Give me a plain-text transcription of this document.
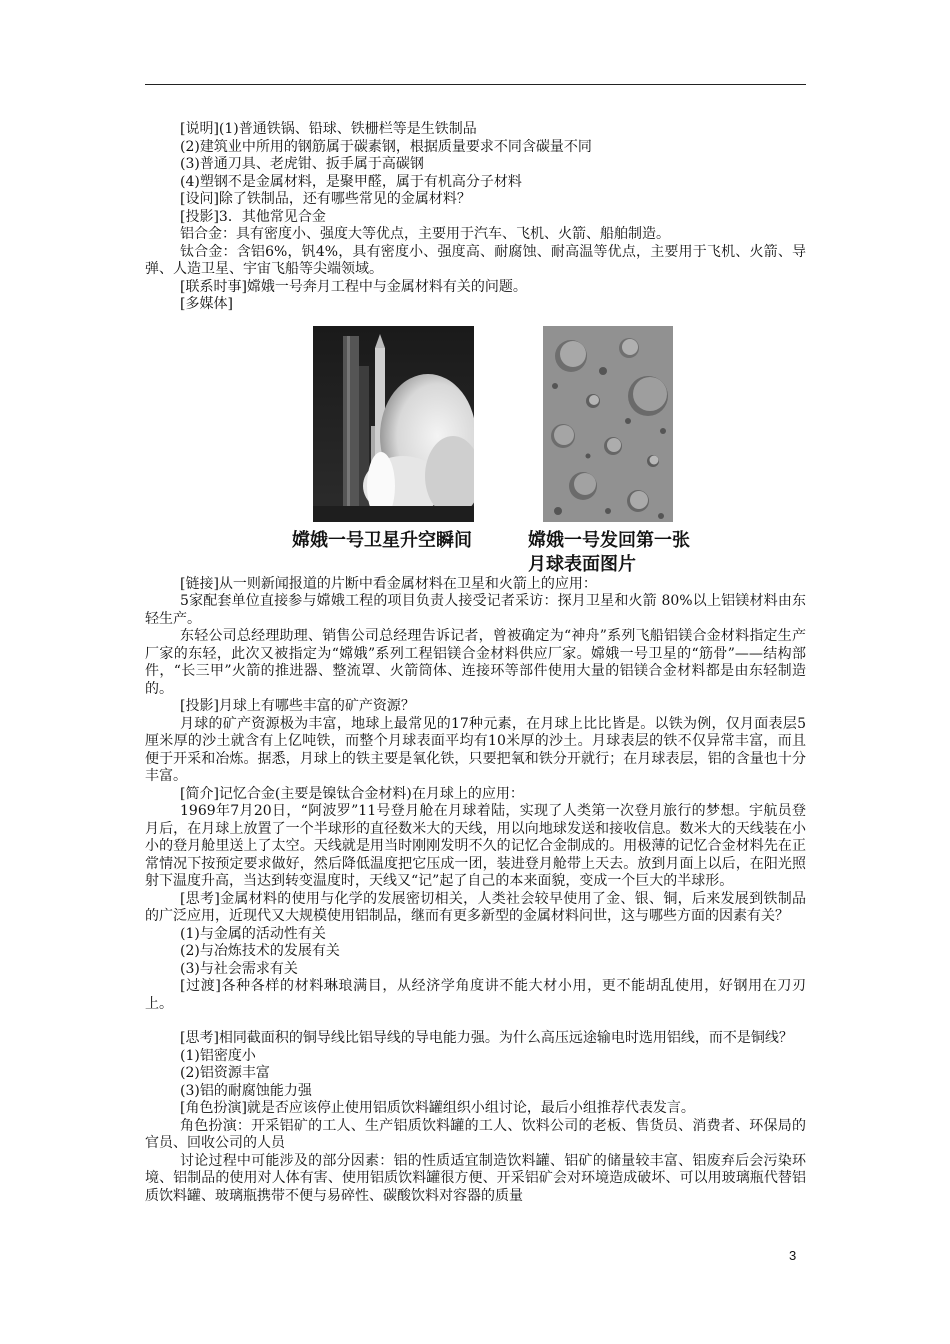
[说明](1)普通铁锅、铅球、铁栅栏等是生铁制品

(2)建筑业中所用的钢筋属于碳素钢，根据质量要求不同含碳量不同

(3)普通刀具、老虎钳、扳手属于高碳钢

(4)塑钢不是金属材料，是聚甲醛，属于有机高分子材料

[设问]除了铁制品，还有哪些常见的金属材料？

[投影]3．其他常见合金

铝合金：具有密度小、强度大等优点，主要用于汽车、飞机、火箭、船舶制造。

钛合金：含铝6%，钒4%，具有密度小、强度高、耐腐蚀、耐高温等优点，主要用于飞机、火箭、导弹、人造卫星、宇宙飞船等尖端领域。

[联系时事]嫦娥一号奔月工程中与金属材料有关的问题。

[多媒体]

嫦娥一号卫星升空瞬间	嫦娥一号发回第一张月球表面图片

[链接]从一则新闻报道的片断中看金属材料在卫星和火箭上的应用：

5家配套单位直接参与嫦娥工程的项目负责人接受记者采访：探月卫星和火箭 80%以上铝镁材料由东轻生产。

东轻公司总经理助理、销售公司总经理告诉记者，曾被确定为“神舟”系列飞船铝镁合金材料指定生产厂家的东轻，此次又被指定为“嫦娥”系列工程铝镁合金材料供应厂家。嫦娥一号卫星的“筋骨”——结构部件，“长三甲”火箭的推进器、整流罩、火箭筒体、连接环等部件使用大量的铝镁合金材料都是由东轻制造的。

[投影]月球上有哪些丰富的矿产资源？

月球的矿产资源极为丰富，地球上最常见的17种元素，在月球上比比皆是。以铁为例，仅月面表层5厘米厚的沙土就含有上亿吨铁，而整个月球表面平均有10米厚的沙土。月球表层的铁不仅异常丰富，而且便于开采和冶炼。据悉，月球上的铁主要是氧化铁，只要把氧和铁分开就行；在月球表层，铝的含量也十分丰富。

[简介]记忆合金(主要是镍钛合金材料)在月球上的应用：

1969年7月20日，“阿波罗”11号登月舱在月球着陆，实现了人类第一次登月旅行的梦想。宇航员登月后，在月球上放置了一个半球形的直径数米大的天线，用以向地球发送和接收信息。数米大的天线装在小小的登月舱里送上了太空。天线就是用当时刚刚发明不久的记忆合金制成的。用极薄的记忆合金材料先在正常情况下按预定要求做好，然后降低温度把它压成一团，装进登月舱带上天去。放到月面上以后，在阳光照射下温度升高，当达到转变温度时，天线又“记”起了自己的本来面貌，变成一个巨大的半球形。

[思考]金属材料的使用与化学的发展密切相关，人类社会较早使用了金、银、铜，后来发展到铁制品的广泛应用，近现代又大规模使用铝制品，继而有更多新型的金属材料问世，这与哪些方面的因素有关？

(1)与金属的活动性有关

(2)与冶炼技术的发展有关

(3)与社会需求有关

[过渡]各种各样的材料琳琅满目，从经济学角度讲不能大材小用，更不能胡乱使用，好钢用在刀刃上。

[思考]相同截面积的铜导线比铝导线的导电能力强。为什么高压远途输电时选用铝线，而不是铜线？

(1)铝密度小

(2)铝资源丰富

(3)铝的耐腐蚀能力强

[角色扮演]就是否应该停止使用铝质饮料罐组织小组讨论，最后小组推荐代表发言。

角色扮演：开采铝矿的工人、生产铝质饮料罐的工人、饮料公司的老板、售货员、消费者、环保局的官员、回收公司的人员

讨论过程中可能涉及的部分因素：铝的性质适宜制造饮料罐、铝矿的储量较丰富、铝废弃后会污染环境、铝制品的使用对人体有害、使用铝质饮料罐很方便、开采铝矿会对环境造成破坏、可以用玻璃瓶代替铝质饮料罐、玻璃瓶携带不便与易碎性、碳酸饮料对容器的质量

3
